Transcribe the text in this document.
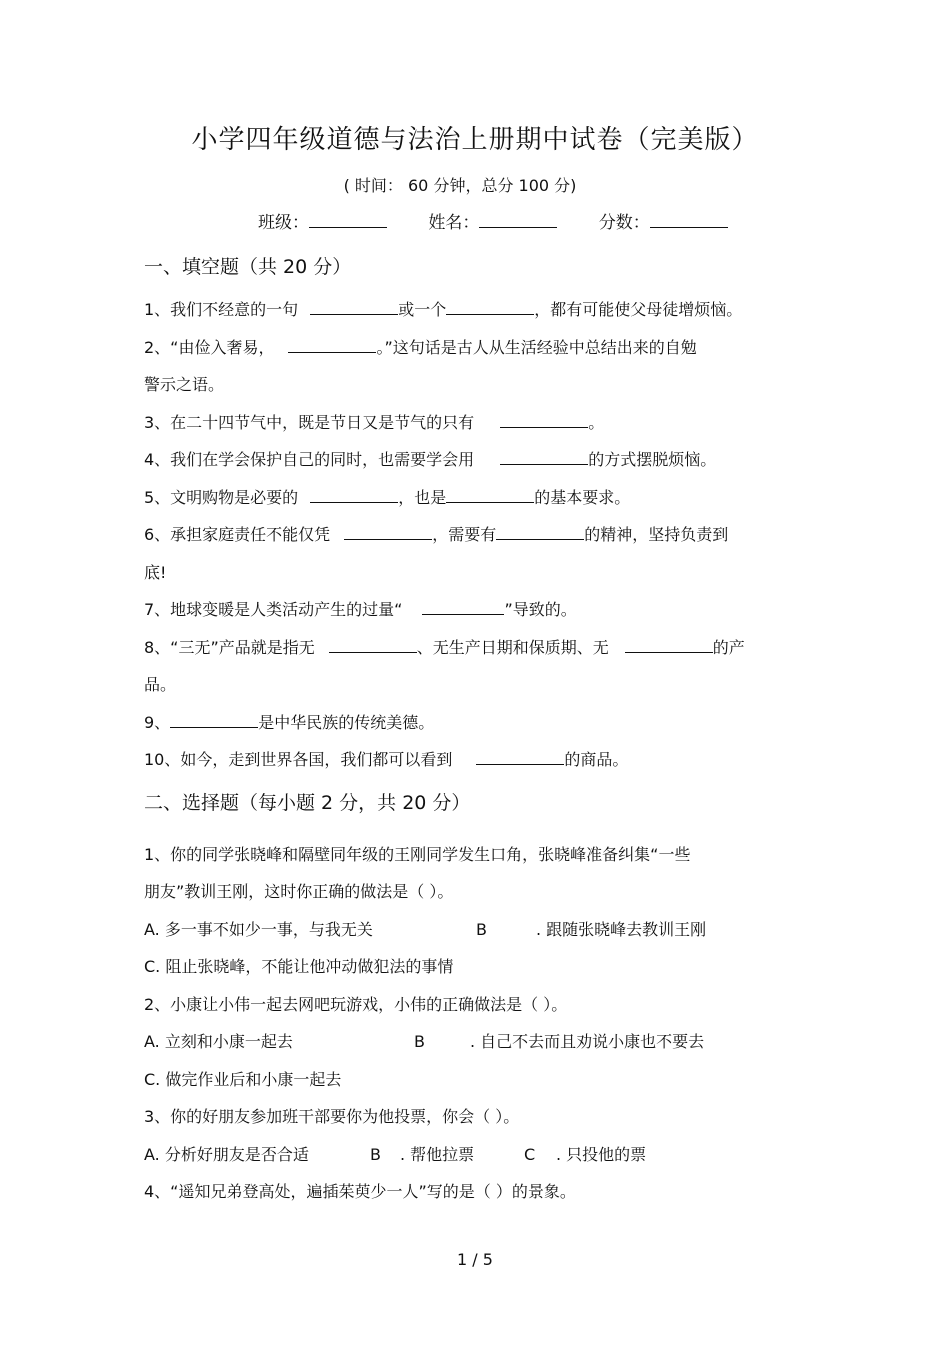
小学四年级道德与法治上册期中试卷（完美版）
( 时间： 60 分钟，总分 100 分)
班级：	姓名：	分数：
一、填空题（共 20 分）
1、我们不经意的一句	或一个	，都有可能使父母徒增烦恼。
2、“由俭入奢易，	。”这句话是古人从生活经验中总结出来的自勉
警示之语。
3、在二十四节气中，既是节日又是节气的只有	。
4、我们在学会保护自己的同时，也需要学会用	的方式摆脱烦恼。
5、文明购物是必要的	，也是	的基本要求。
6、承担家庭责任不能仅凭	，需要有	的精神，坚持负责到
底!
7、地球变暖是人类活动产生的过量“	”导致的。
8、“三无”产品就是指无	、无生产日期和保质期、无	的产
品。
9、	是中华民族的传统美德。
10、如今，走到世界各国，我们都可以看到	的商品。
二、选择题（每小题 2 分，共 20 分）
1、你的同学张晓峰和隔壁同年级的王刚同学发生口角，张晓峰准备纠集“一些
朋友”教训王刚，这时你正确的做法是（ ）。
A. 多一事不如少一事，与我无关	B	. 跟随张晓峰去教训王刚
C. 阻止张晓峰，不能让他冲动做犯法的事情
2、小康让小伟一起去网吧玩游戏，小伟的正确做法是（ ）。
A. 立刻和小康一起去	B	. 自己不去而且劝说小康也不要去
C. 做完作业后和小康一起去
3、你的好朋友参加班干部要你为他投票，你会（ ）。
A. 分析好朋友是否合适	B . 帮他拉票	C . 只投他的票
4、“遥知兄弟登高处，遍插茱萸少一人”写的是（ ）的景象。
1 / 5
